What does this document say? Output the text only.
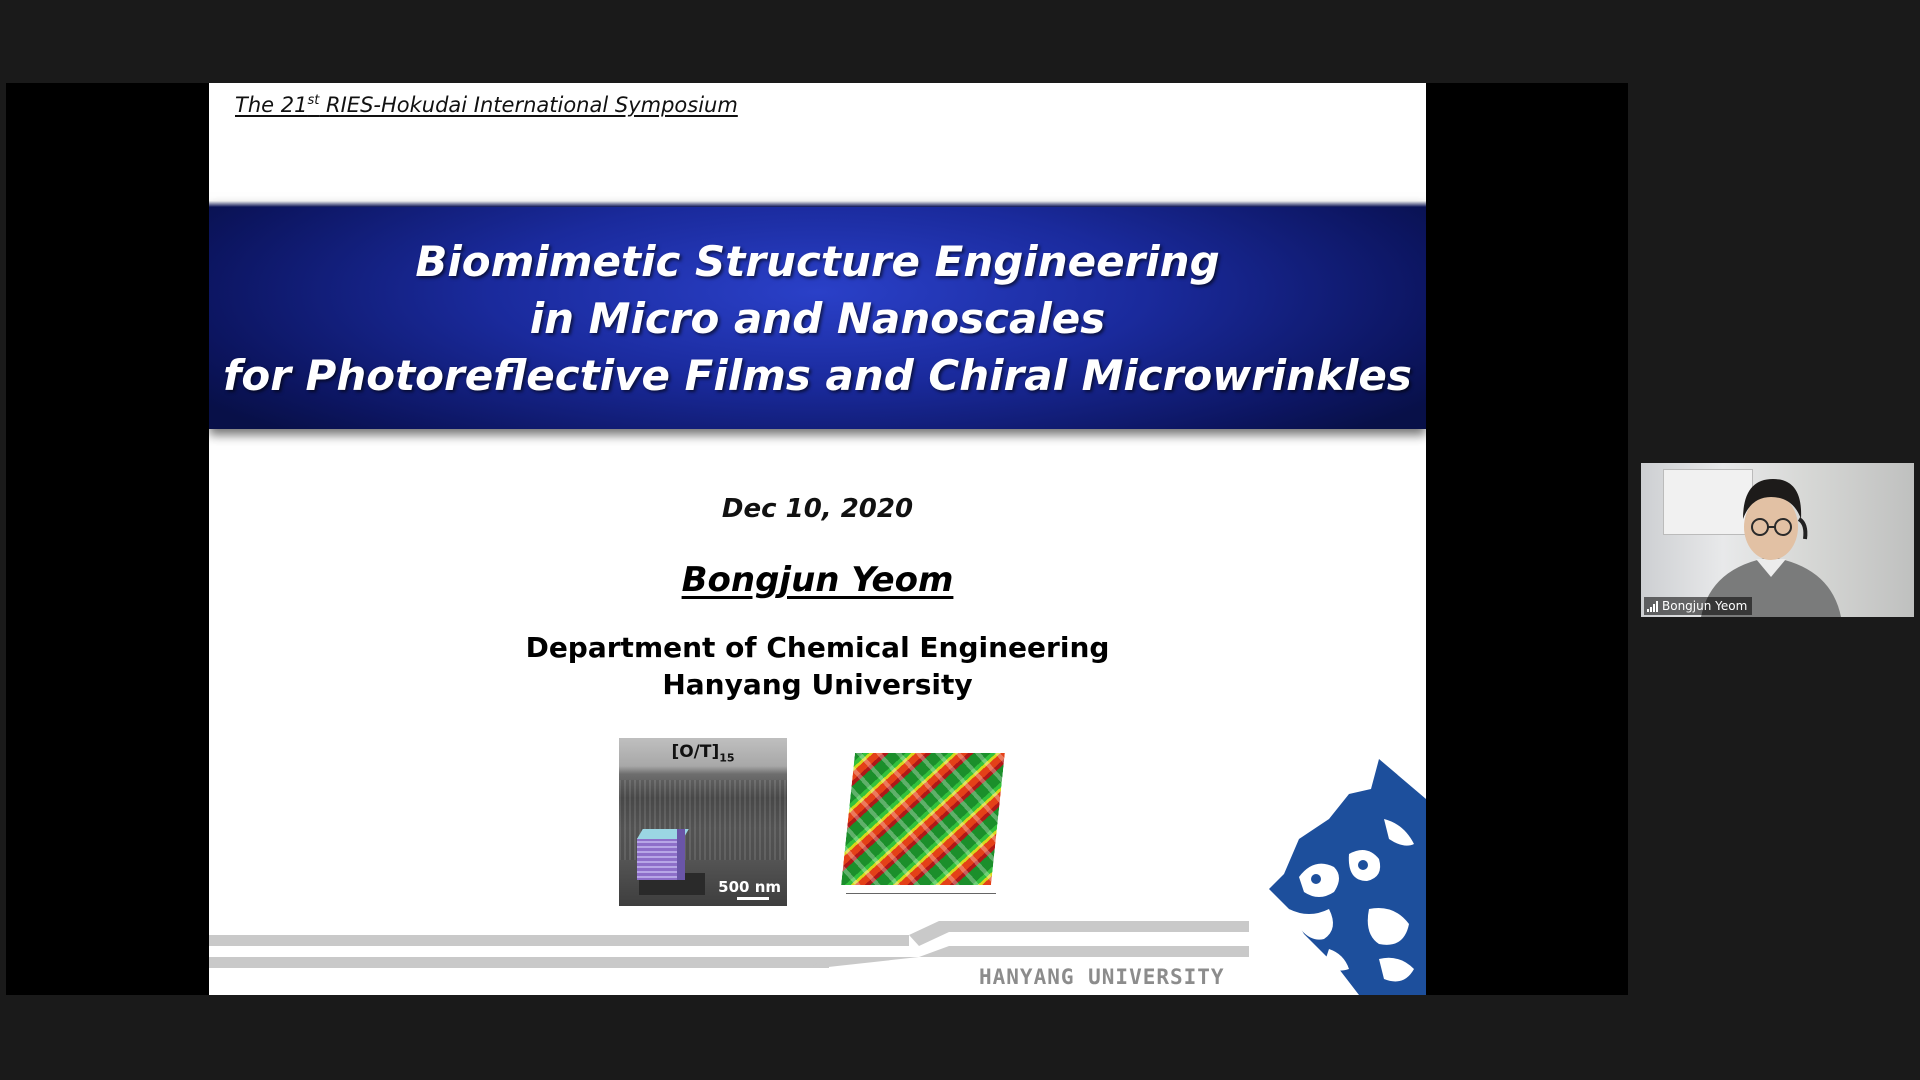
The 21st RIES-Hokudai International Symposium
Biomimetic Structure Engineering
in Micro and Nanoscales
for Photoreflective Films and Chiral Microwrinkles
Dec 10, 2020
Bongjun Yeom
Department of Chemical Engineering
Hanyang University
$[O/T]_{15}$
500 nm
HANYANG UNIVERSITY
Bongjun Yeom
